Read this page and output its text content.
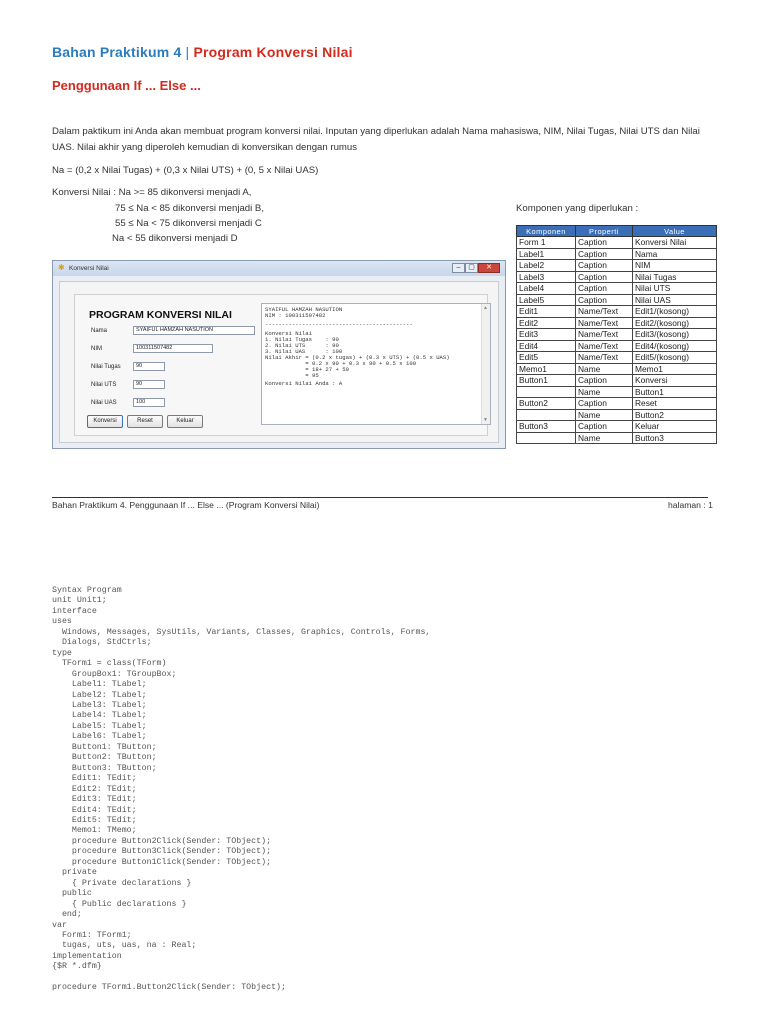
Bahan Praktikum 4 | Program Konversi Nilai
Penggunaan If ... Else ...
Dalam paktikum ini Anda akan membuat program konversi nilai. Inputan yang diperlukan adalah Nama mahasiswa, NIM, Nilai Tugas, Nilai UTS dan Nilai UAS. Nilai akhir yang diperoleh kemudian di konversikan dengan rumus
Na = (0,2 x Nilai Tugas) + (0,3 x Nilai UTS) + (0, 5 x Nilai UAS)
Konversi Nilai : Na >= 85 dikonversi menjadi A,
75 ≤ Na < 85 dikonversi menjadi B,
55 ≤ Na < 75 dikonversi menjadi C
Na < 55 dikonversi menjadi D
Komponen yang diperlukan :
✱ Konversi Nilai	–	▢	✕
PROGRAM KONVERSI NILAI
Nama	SYAIFUL HAMZAH NASUTION
NIM	100311507482
Nilai Tugas	90
Nilai UTS	90
Nilai UAS	100
Konversi	Reset	Keluar
SYAIFUL HAMZAH NASUTION
NIM : 100311507482
--------------------------------------------
Konversi Nilai
1. Nilai Tugas    : 90
2. Nilai UTS      : 90
3. Nilai UAS      : 100
Nilai Akhir = (0.2 x tugas) + (0.3 x UTS) + (0.5 x UAS)
= 0.2 x 90 + 0.3 x 90 + 0.5 x 100
= 18+ 27 + 50
= 95
Konversi Nilai Anda : A
▲
▼
Komponen	Properti	Value
Form 1	Caption	Konversi Nilai
Label1	Caption	Nama
Label2	Caption	NIM
Label3	Caption	Nilai Tugas
Label4	Caption	Nilai UTS
Label5	Caption	Nilai UAS
Edit1	Name/Text	Edit1/(kosong)
Edit2	Name/Text	Edit2/(kosong)
Edit3	Name/Text	Edit3/(kosong)
Edit4	Name/Text	Edit4/(kosong)
Edit5	Name/Text	Edit5/(kosong)
Memo1	Name	Memo1
Button1	Caption	Konversi
	Name	Button1
Button2	Caption	Reset
	Name	Button2
Button3	Caption	Keluar
	Name	Button3
Bahan Praktikum 4. Penggunaan If ... Else ... (Program Konversi Nilai)	halaman : 1
Syntax Program
unit Unit1;
interface
uses
Windows, Messages, SysUtils, Variants, Classes, Graphics, Controls, Forms,
Dialogs, StdCtrls;
type
TForm1 = class(TForm)
GroupBox1: TGroupBox;
Label1: TLabel;
Label2: TLabel;
Label3: TLabel;
Label4: TLabel;
Label5: TLabel;
Label6: TLabel;
Button1: TButton;
Button2: TButton;
Button3: TButton;
Edit1: TEdit;
Edit2: TEdit;
Edit3: TEdit;
Edit4: TEdit;
Edit5: TEdit;
Memo1: TMemo;
procedure Button2Click(Sender: TObject);
procedure Button3Click(Sender: TObject);
procedure Button1Click(Sender: TObject);
private
{ Private declarations }
public
{ Public declarations }
end;
var
Form1: TForm1;
tugas, uts, uas, na : Real;
implementation
{$R *.dfm}
procedure TForm1.Button2Click(Sender: TObject);
